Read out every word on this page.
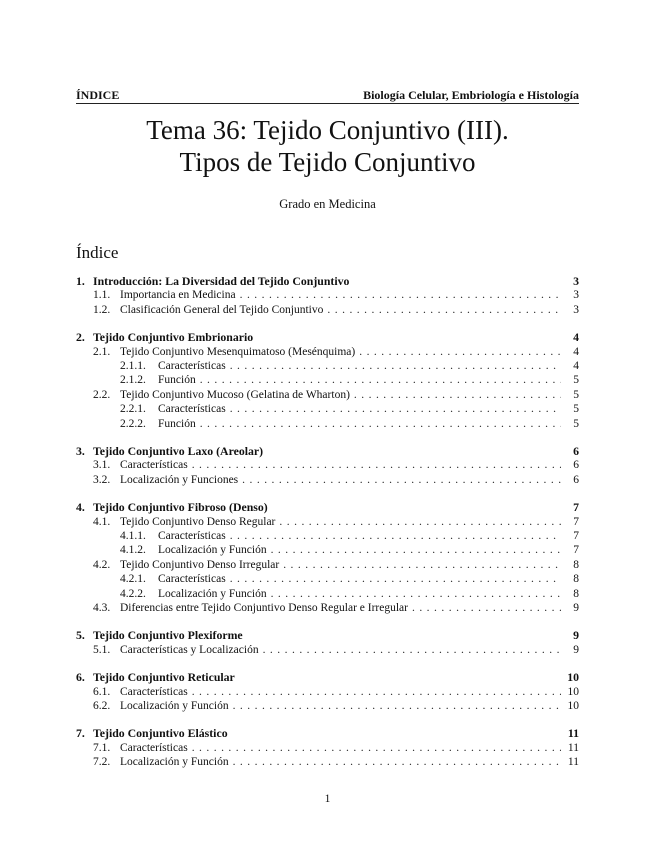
ÍNDICE	Biología Celular, Embriología e Histología
Tema 36: Tejido Conjuntivo (III).
Tipos de Tejido Conjuntivo
Grado en Medicina
Índice
1. Introducción: La Diversidad del Tejido Conjuntivo	3
1.1. Importancia en Medicina . . .	3
1.2. Clasificación General del Tejido Conjuntivo . . .	3
2. Tejido Conjuntivo Embrionario	4
2.1. Tejido Conjuntivo Mesenquimatoso (Mesénquima) . . .	4
2.1.1.	Características . . .	4
2.1.2.	Función . . .	5
2.2. Tejido Conjuntivo Mucoso (Gelatina de Wharton) . . .	5
2.2.1.	Características . . .	5
2.2.2.	Función . . .	5
3. Tejido Conjuntivo Laxo (Areolar)	6
3.1. Características . . .	6
3.2. Localización y Funciones . . .	6
4. Tejido Conjuntivo Fibroso (Denso)	7
4.1. Tejido Conjuntivo Denso Regular . . .	7
4.1.1.	Características . . .	7
4.1.2.	Localización y Función . . .	7
4.2. Tejido Conjuntivo Denso Irregular . . .	8
4.2.1.	Características . . .	8
4.2.2.	Localización y Función . . .	8
4.3. Diferencias entre Tejido Conjuntivo Denso Regular e Irregular . . .	9
5. Tejido Conjuntivo Plexiforme	9
5.1. Características y Localización . . .	9
6. Tejido Conjuntivo Reticular	10
6.1. Características . . .	10
6.2. Localización y Función . . .	10
7. Tejido Conjuntivo Elástico	11
7.1. Características . . .	11
7.2. Localización y Función . . .	11
1
